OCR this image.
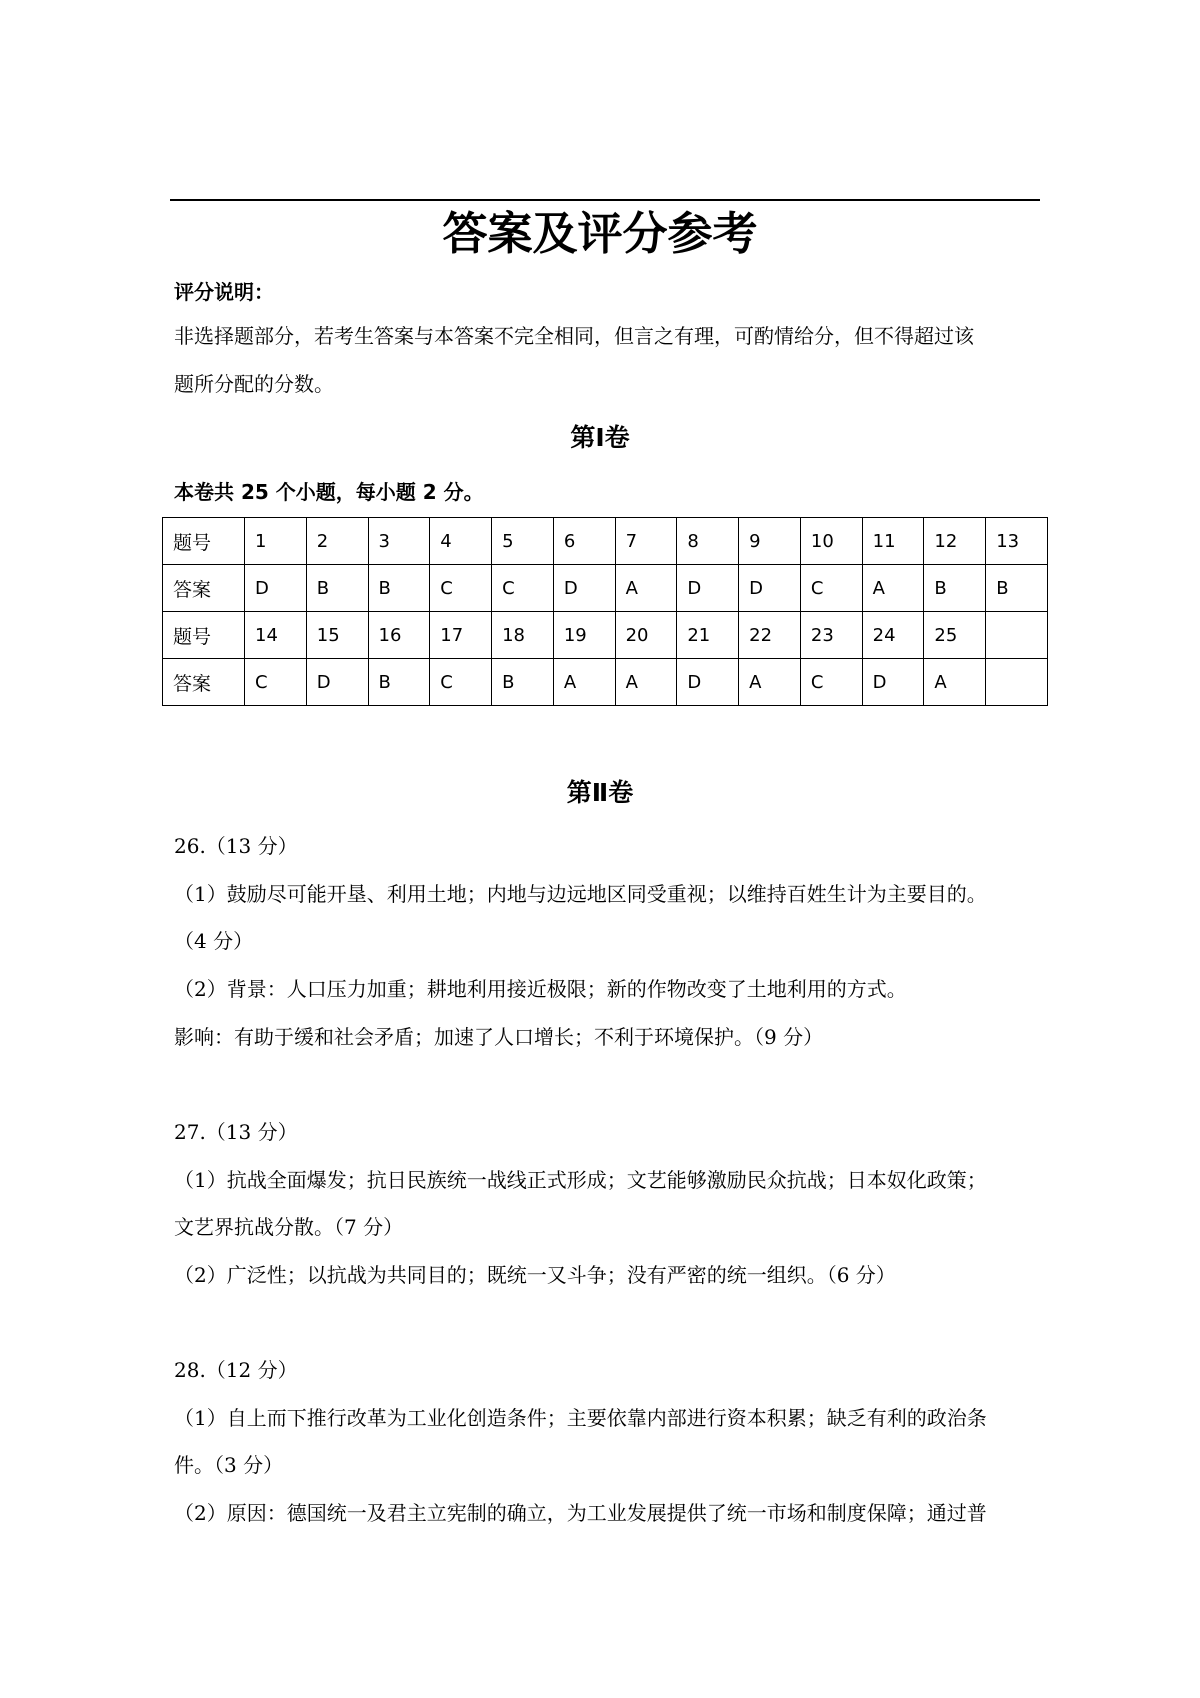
答案及评分参考
评分说明：
非选择题部分，若考生答案与本答案不完全相同，但言之有理，可酌情给分，但不得超过该
题所分配的分数。
第Ⅰ卷
本卷共 25 个小题，每小题 2 分。
题号	1	2	3	4	5	6	7	8	9	10	11	12	13
答案	D	B	B	C	C	D	A	D	D	C	A	B	B
题号	14	15	16	17	18	19	20	21	22	23	24	25	
答案	C	D	B	C	B	A	A	D	A	C	D	A	
第Ⅱ卷
26.（13 分）
（1）鼓励尽可能开垦、利用土地；内地与边远地区同受重视；以维持百姓生计为主要目的。
（4 分）
（2）背景：人口压力加重；耕地利用接近极限；新的作物改变了土地利用的方式。
影响：有助于缓和社会矛盾；加速了人口增长；不利于环境保护。（9 分）
27.（13 分）
（1）抗战全面爆发；抗日民族统一战线正式形成；文艺能够激励民众抗战；日本奴化政策；
文艺界抗战分散。（7 分）
（2）广泛性；以抗战为共同目的；既统一又斗争；没有严密的统一组织。（6 分）
28.（12 分）
（1）自上而下推行改革为工业化创造条件；主要依靠内部进行资本积累；缺乏有利的政治条
件。（3 分）
（2）原因：德国统一及君主立宪制的确立，为工业发展提供了统一市场和制度保障；通过普
